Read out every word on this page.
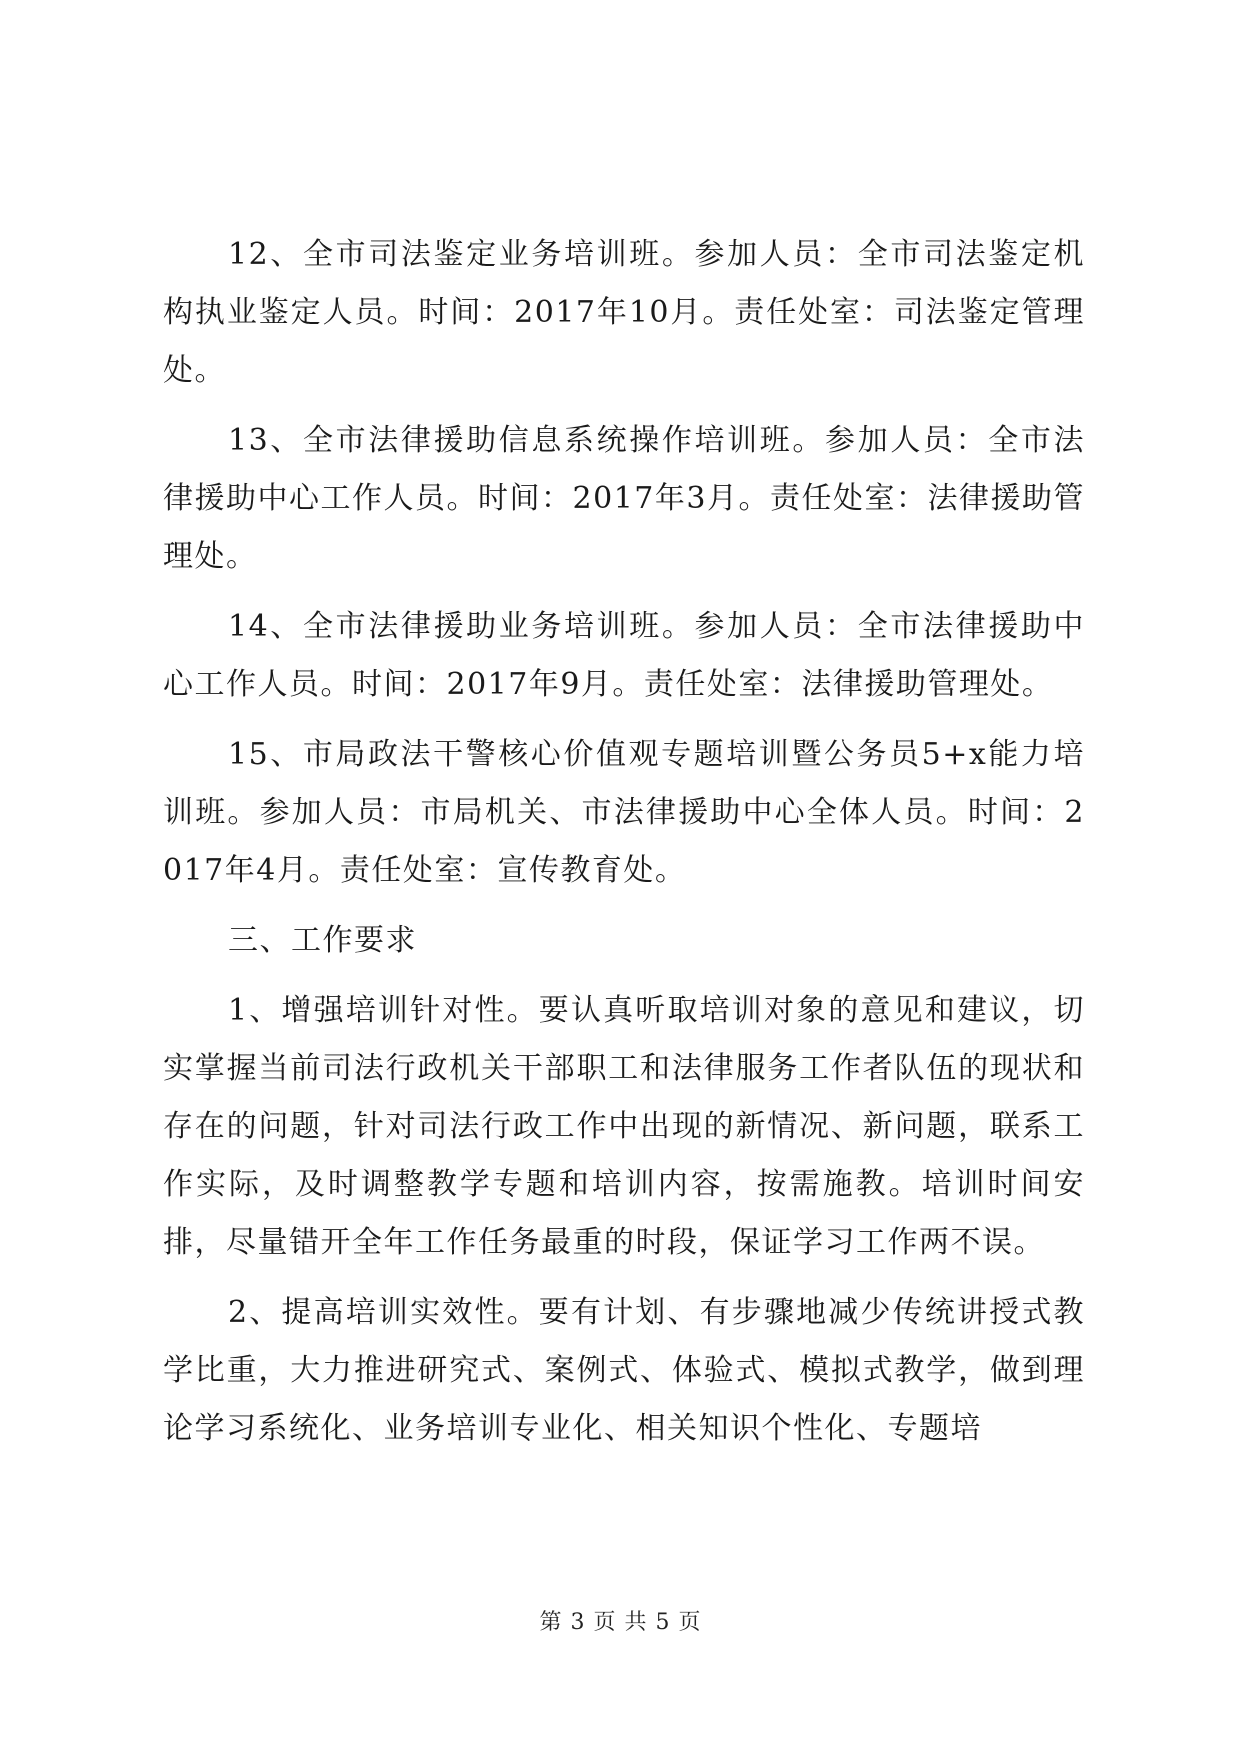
12、全市司法鉴定业务培训班。参加人员：全市司法鉴定机构执业鉴定人员。时间：2017年10月。责任处室：司法鉴定管理处。

13、全市法律援助信息系统操作培训班。参加人员：全市法律援助中心工作人员。时间：2017年3月。责任处室：法律援助管理处。

14、全市法律援助业务培训班。参加人员：全市法律援助中心工作人员。时间：2017年9月。责任处室：法律援助管理处。

15、市局政法干警核心价值观专题培训暨公务员5+x能力培训班。参加人员：市局机关、市法律援助中心全体人员。时间：2017年4月。责任处室：宣传教育处。

三、工作要求

1、增强培训针对性。要认真听取培训对象的意见和建议，切实掌握当前司法行政机关干部职工和法律服务工作者队伍的现状和存在的问题，针对司法行政工作中出现的新情况、新问题，联系工作实际，及时调整教学专题和培训内容，按需施教。培训时间安排，尽量错开全年工作任务最重的时段，保证学习工作两不误。

2、提高培训实效性。要有计划、有步骤地减少传统讲授式教学比重，大力推进研究式、案例式、体验式、模拟式教学，做到理论学习系统化、业务培训专业化、相关知识个性化、专题培

第 3 页 共 5 页
